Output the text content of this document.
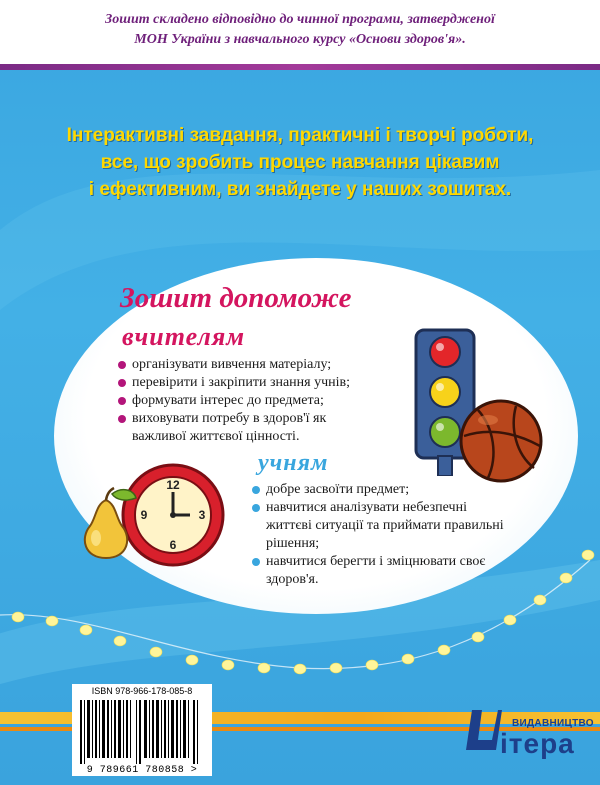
Зошит складено відповідно до чинної програми, затвердженої
МОН України з навчального курсу «Основи здоров'я».
Інтерактивні завдання, практичні і творчі роботи,
все, що зробить процес навчання цікавим
і ефективним, ви знайдете у наших зошитах.
Зошит допоможе
вчителям
організувати вивчення матеріалу;
перевірити і закріпити знання учнів;
формувати інтерес до предмета;
виховувати потребу в здоров'ї як важливої життєвої цінності.
учням
добре засвоїти предмет;
навчитися аналізувати небезпечні життєві ситуації та приймати правильні рішення;
навчитися берегти і зміцнювати своє здоров'я.
12
3
6
9
ISBN 978-966-178-085-8
9 789661 780858 >
ВИДАВНИЦТВО
ітера
